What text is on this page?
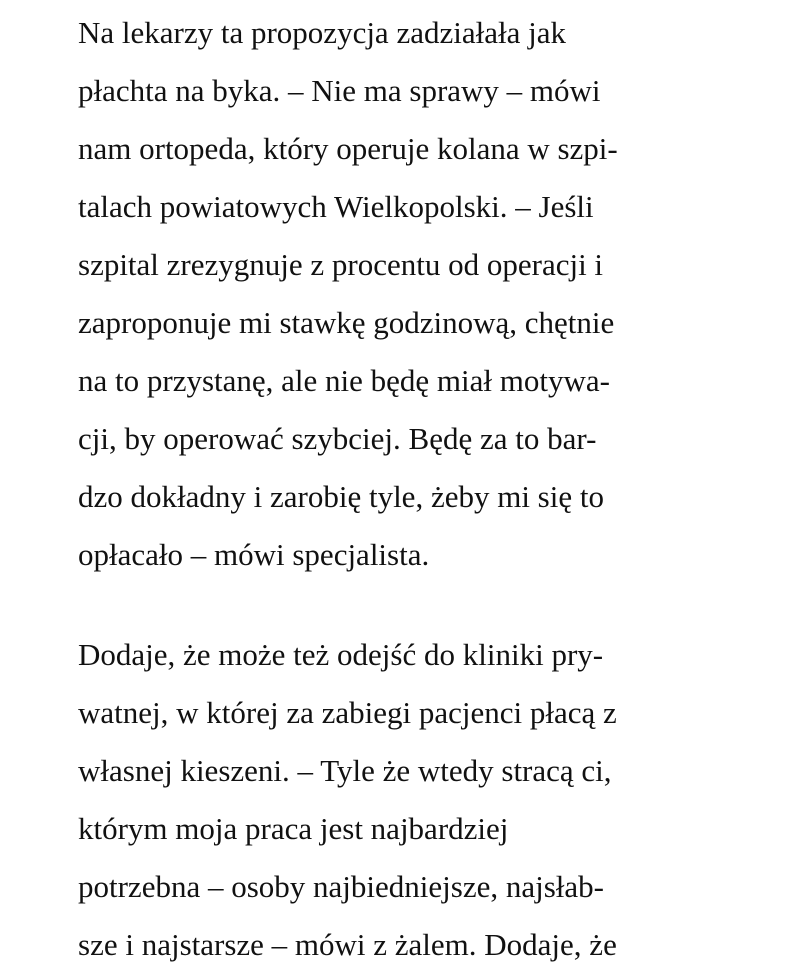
Na lekarzy ta propozycja zadziałała jak
płachta na byka. – Nie ma sprawy – mówi
nam ortopeda, który operuje kolana w szpi-
talach powiatowych Wielkopolski. – Jeśli
szpital zrezygnuje z procentu od operacji i
zaproponuje mi stawkę godzinową, chętnie
na to przystanę, ale nie będę miał motywa-
cji, by operować szybciej. Będę za to bar-
dzo dokładny i zarobię tyle, żeby mi się to
opłacało – mówi specjalista.

Dodaje, że może też odejść do kliniki pry-
watnej, w której za zabiegi pacjenci płacą z
własnej kieszeni. – Tyle że wtedy stracą ci,
którym moja praca jest najbardziej
potrzebna – osoby najbiedniejsze, najsłab-
sze i najstarsze – mówi z żalem. Dodaje, że
